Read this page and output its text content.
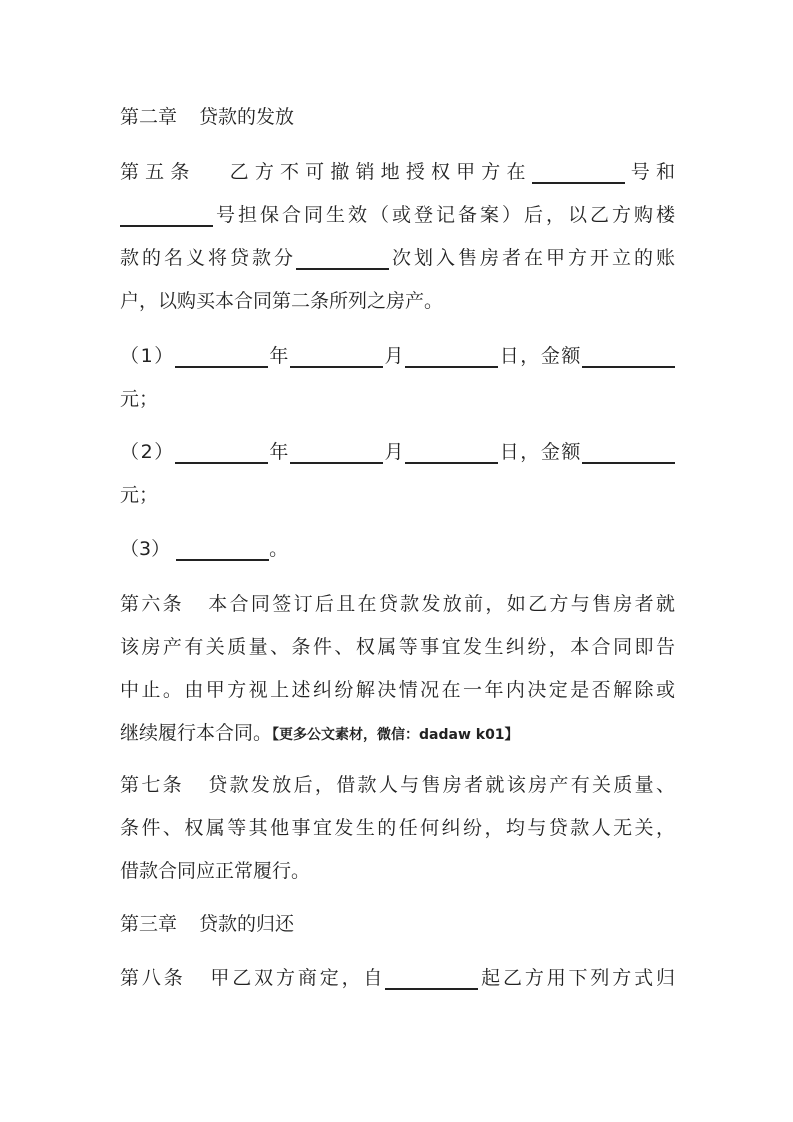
第二章 贷款的发放
第五条 乙方不可撤销地授权甲方在	号和
号担保合同生效（或登记备案）后，以乙方购楼
款的名义将贷款分	次划入售房者在甲方开立的账
户，以购买本合同第二条所列之房产。
（1）	年	月	日，金额
元；
（2）	年	月	日，金额
元；
（3）	。
第六条 本合同签订后且在贷款发放前，如乙方与售房者就
该房产有关质量、条件、权属等事宜发生纠纷，本合同即告
中止。由甲方视上述纠纷解决情况在一年内决定是否解除或
继续履行本合同。【更多公文素材，微信：dadaw k01】
第七条 贷款发放后，借款人与售房者就该房产有关质量、
条件、权属等其他事宜发生的任何纠纷，均与贷款人无关，
借款合同应正常履行。
第三章 贷款的归还
第八条 甲乙双方商定，自	起乙方用下列方式归
